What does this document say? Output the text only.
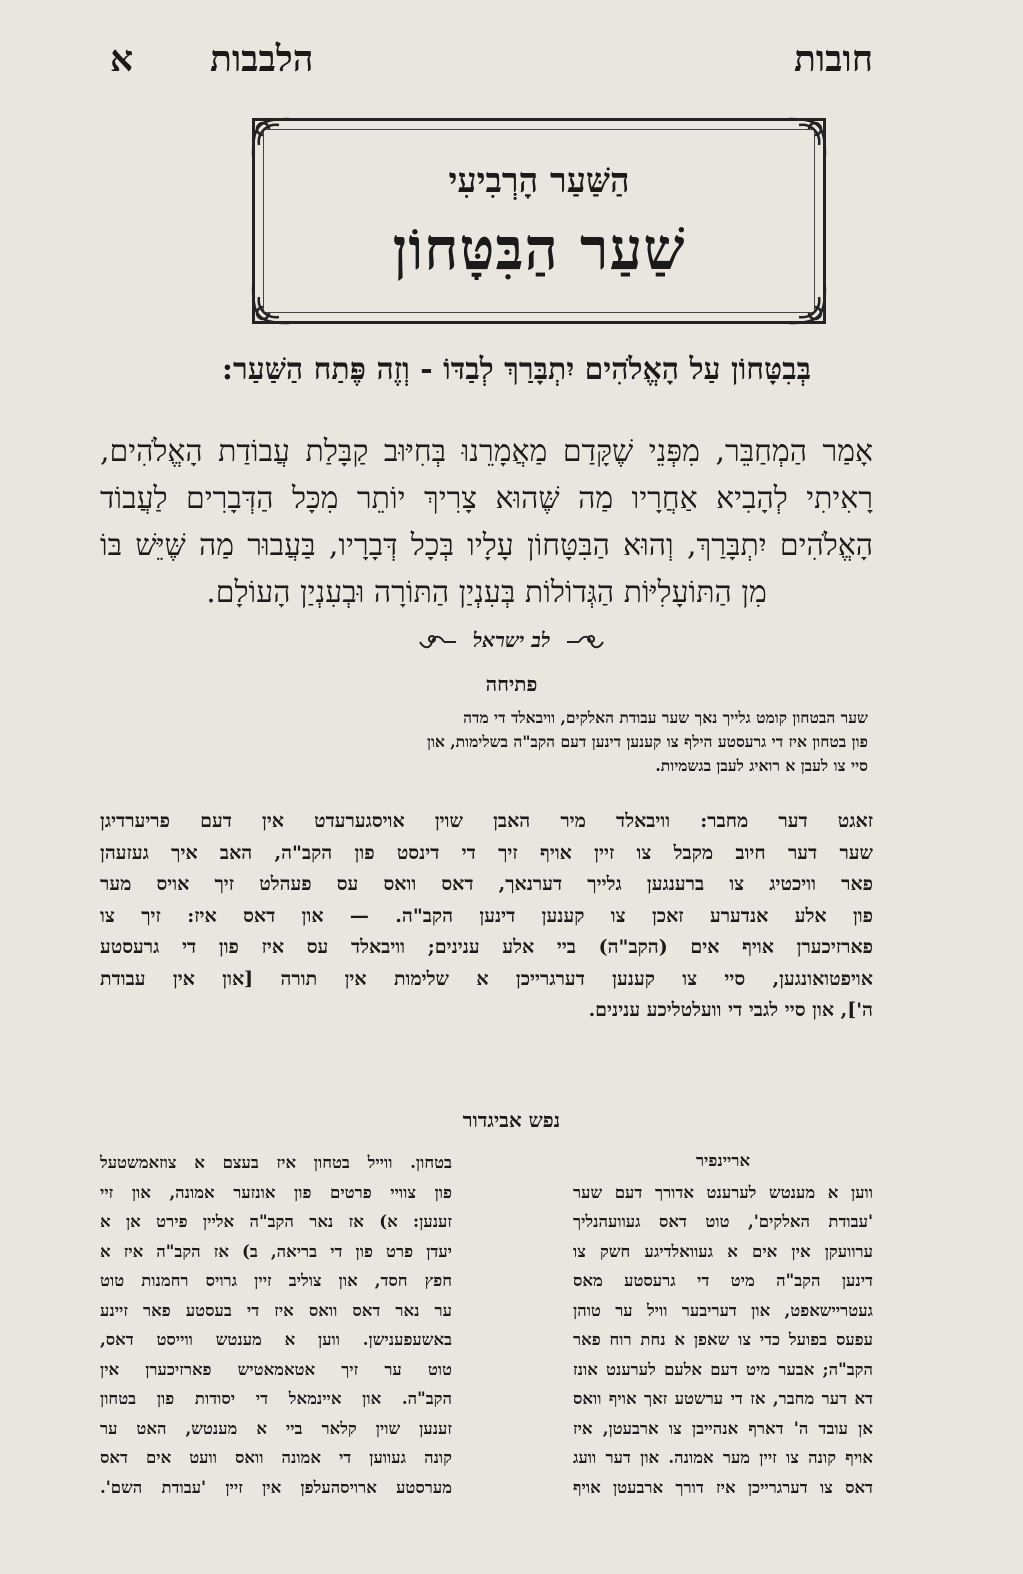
חובות
הלבבות
א
הַשַּׁעַר הָרְבִיעִי
שַׁעַר הַבִּטָּחוֹן
בְּבִטָּחוֹן עַל הָאֱלֹהִים יִתְבָּרַךְ לְבַדּוֹ - וְזֶה פֶּתַח הַשַּׁעַר:
אָמַר הַמְחַבֵּר, מִפְּנֵי שֶׁקָּדַם מַאֲמָרֵנוּ בְּחִיּוּב קַבָּלַת עֲבוֹדַת הָאֱלֹהִים,
רָאִיתִי לְהָבִיא אַחֲרָיו מַה שֶּׁהוּא צָרִיךְ יוֹתֵר מִכָּל הַדְּבָרִים לַעֲבוֹד
הָאֱלֹהִים יִתְבָּרַךְ, וְהוּא הַבִּטָּחוֹן עָלָיו בְּכָל דְּבָרָיו, בַּעֲבוּר מַה שֶּׁיֵּשׁ בּוֹ
מִן הַתּוֹעָלִיּוֹת הַגְּדוֹלוֹת בְּעִנְיַן הַתּוֹרָה וּבְעִנְיַן הָעוֹלָם.
לב ישראל
פתיחה
שער הבטחון קומט גלייך נאך שער עבודת האלקים, וויבאלד די מדה
פון בטחון איז די גרעסטע הילף צו קענען דינען דעם הקב"ה בשלימות, און
סיי צו לעבן א רואיג לעבן בגשמיות.
זאגט דער מחבר: וויבאלד מיר האבן שוין אויסגערעדט אין דעם פריערדיגן
שער דער חיוב מקבל צו זיין אויף זיך די דינסט פון הקב"ה, האב איך געזעהן
פאר וויכטיג צו ברענגען גלייך דערנאך, דאס וואס עס פעהלט זיך אויס מער
פון אלע אנדערע זאכן צו קענען דינען הקב"ה. — און דאס איז: זיך צו
פארזיכערן אויף אים (הקב"ה) ביי אלע ענינים; וויבאלד עס איז פון די גרעסטע
אויפטואונגען, סיי צו קענען דערגרייכן א שלימות אין תורה [און אין עבודת
ה'], און סיי לגבי די וועלטליכע ענינים.
נפש אביגדור
אריינפיר
ווען א מענטש לערענט אדורך דעם שער
'עבודת האלקים', טוט דאס געוועהנליך
ערוועקן אין אים א געוואלדיגע חשק צו
דינען הקב"ה מיט די גרעסטע מאס
געטריישאפט, און דעריבער וויל ער טוהן
עפעס בפועל כדי צו שאפן א נחת רוח פאר
הקב"ה; אבער מיט דעם אלעם לערענט אונז
דא דער מחבר, אז די ערשטע זאך אויף וואס
אן עובד ה' דארף אנהייבן צו ארבעטן, איז
אויף קונה צו זיין מער אמונה. און דער וועג
דאס צו דערגרייכן איז דורך ארבעטן אויף
בטחון. ווייל בטחון איז בעצם א צוזאמשטעל
פון צוויי פרטים פון אונזער אמונה, און זיי
זענען: א) אז נאר הקב"ה אליין פירט אן א
יעדן פרט פון די בריאה, ב) אז הקב"ה איז א
חפץ חסד, און צוליב זיין גרויס רחמנות טוט
ער נאר דאס וואס איז די בעסטע פאר זיינע
באשעפענישן. ווען א מענטש ווייסט דאס,
טוט ער זיך אטאמאטיש פארזיכערן אין
הקב"ה. און איינמאל די יסודות פון בטחון
זענען שוין קלאר ביי א מענטש, האט ער
קונה געווען די אמונה וואס וועט אים דאס
מערסטע ארויסהעלפן אין זיין 'עבודת השם'.
